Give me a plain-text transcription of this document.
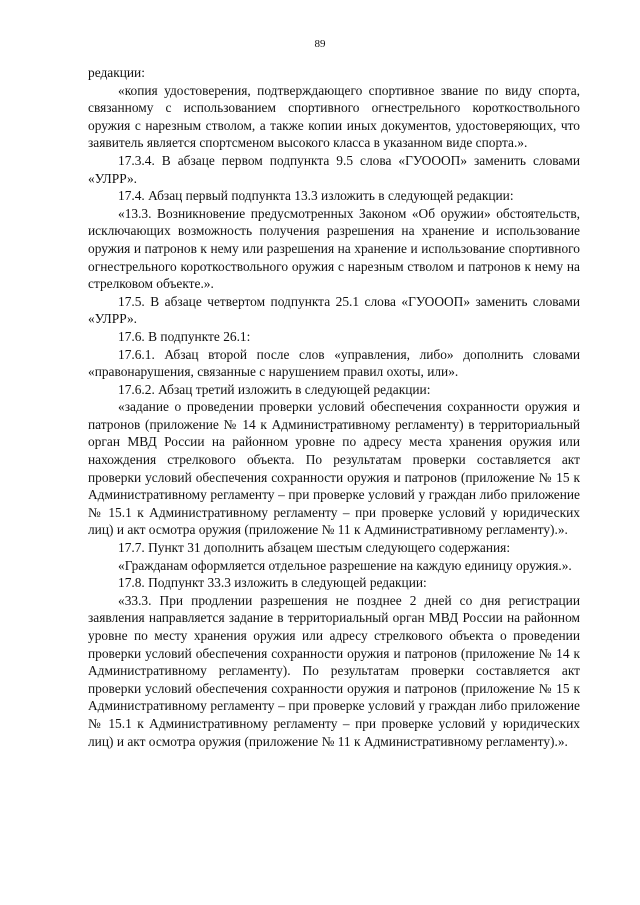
89

редакции:

«копия удостоверения, подтверждающего спортивное звание по виду спорта, связанному с использованием спортивного огнестрельного короткоствольного оружия с нарезным стволом, а также копии иных документов, удостоверяющих, что заявитель является спортсменом высокого класса в указанном виде спорта.».

17.3.4. В абзаце первом подпункта 9.5 слова «ГУОООП» заменить словами «УЛРР».

17.4. Абзац первый подпункта 13.3 изложить в следующей редакции:

«13.3. Возникновение предусмотренных Законом «Об оружии» обстоятельств, исключающих возможность получения разрешения на хранение и использование оружия и патронов к нему или разрешения на хранение и использование спортивного огнестрельного короткоствольного оружия с нарезным стволом и патронов к нему на стрелковом объекте.».

17.5. В абзаце четвертом подпункта 25.1 слова «ГУОООП» заменить словами «УЛРР».

17.6. В подпункте 26.1:

17.6.1. Абзац второй после слов «управления, либо» дополнить словами «правонарушения, связанные с нарушением правил охоты, или».

17.6.2. Абзац третий изложить в следующей редакции:

«задание о проведении проверки условий обеспечения сохранности оружия и патронов (приложение № 14 к Административному регламенту) в территориальный орган МВД России на районном уровне по адресу места хранения оружия или нахождения стрелкового объекта. По результатам проверки составляется акт проверки условий обеспечения сохранности оружия и патронов (приложение № 15 к Административному регламенту – при проверке условий у граждан либо приложение № 15.1 к Административному регламенту – при проверке условий у юридических лиц) и акт осмотра оружия (приложение № 11 к Административному регламенту).».

17.7. Пункт 31 дополнить абзацем шестым следующего содержания:

«Гражданам оформляется отдельное разрешение на каждую единицу оружия.».

17.8. Подпункт 33.3 изложить в следующей редакции:

«33.3. При продлении разрешения не позднее 2 дней со дня регистрации заявления направляется задание в территориальный орган МВД России на районном уровне по месту хранения оружия или адресу стрелкового объекта о проведении проверки условий обеспечения сохранности оружия и патронов (приложение № 14 к Административному регламенту). По результатам проверки составляется акт проверки условий обеспечения сохранности оружия и патронов (приложение № 15 к Административному регламенту – при проверке условий у граждан либо приложение № 15.1 к Административному регламенту – при проверке условий у юридических лиц) и акт осмотра оружия (приложение № 11 к Административному регламенту).».
